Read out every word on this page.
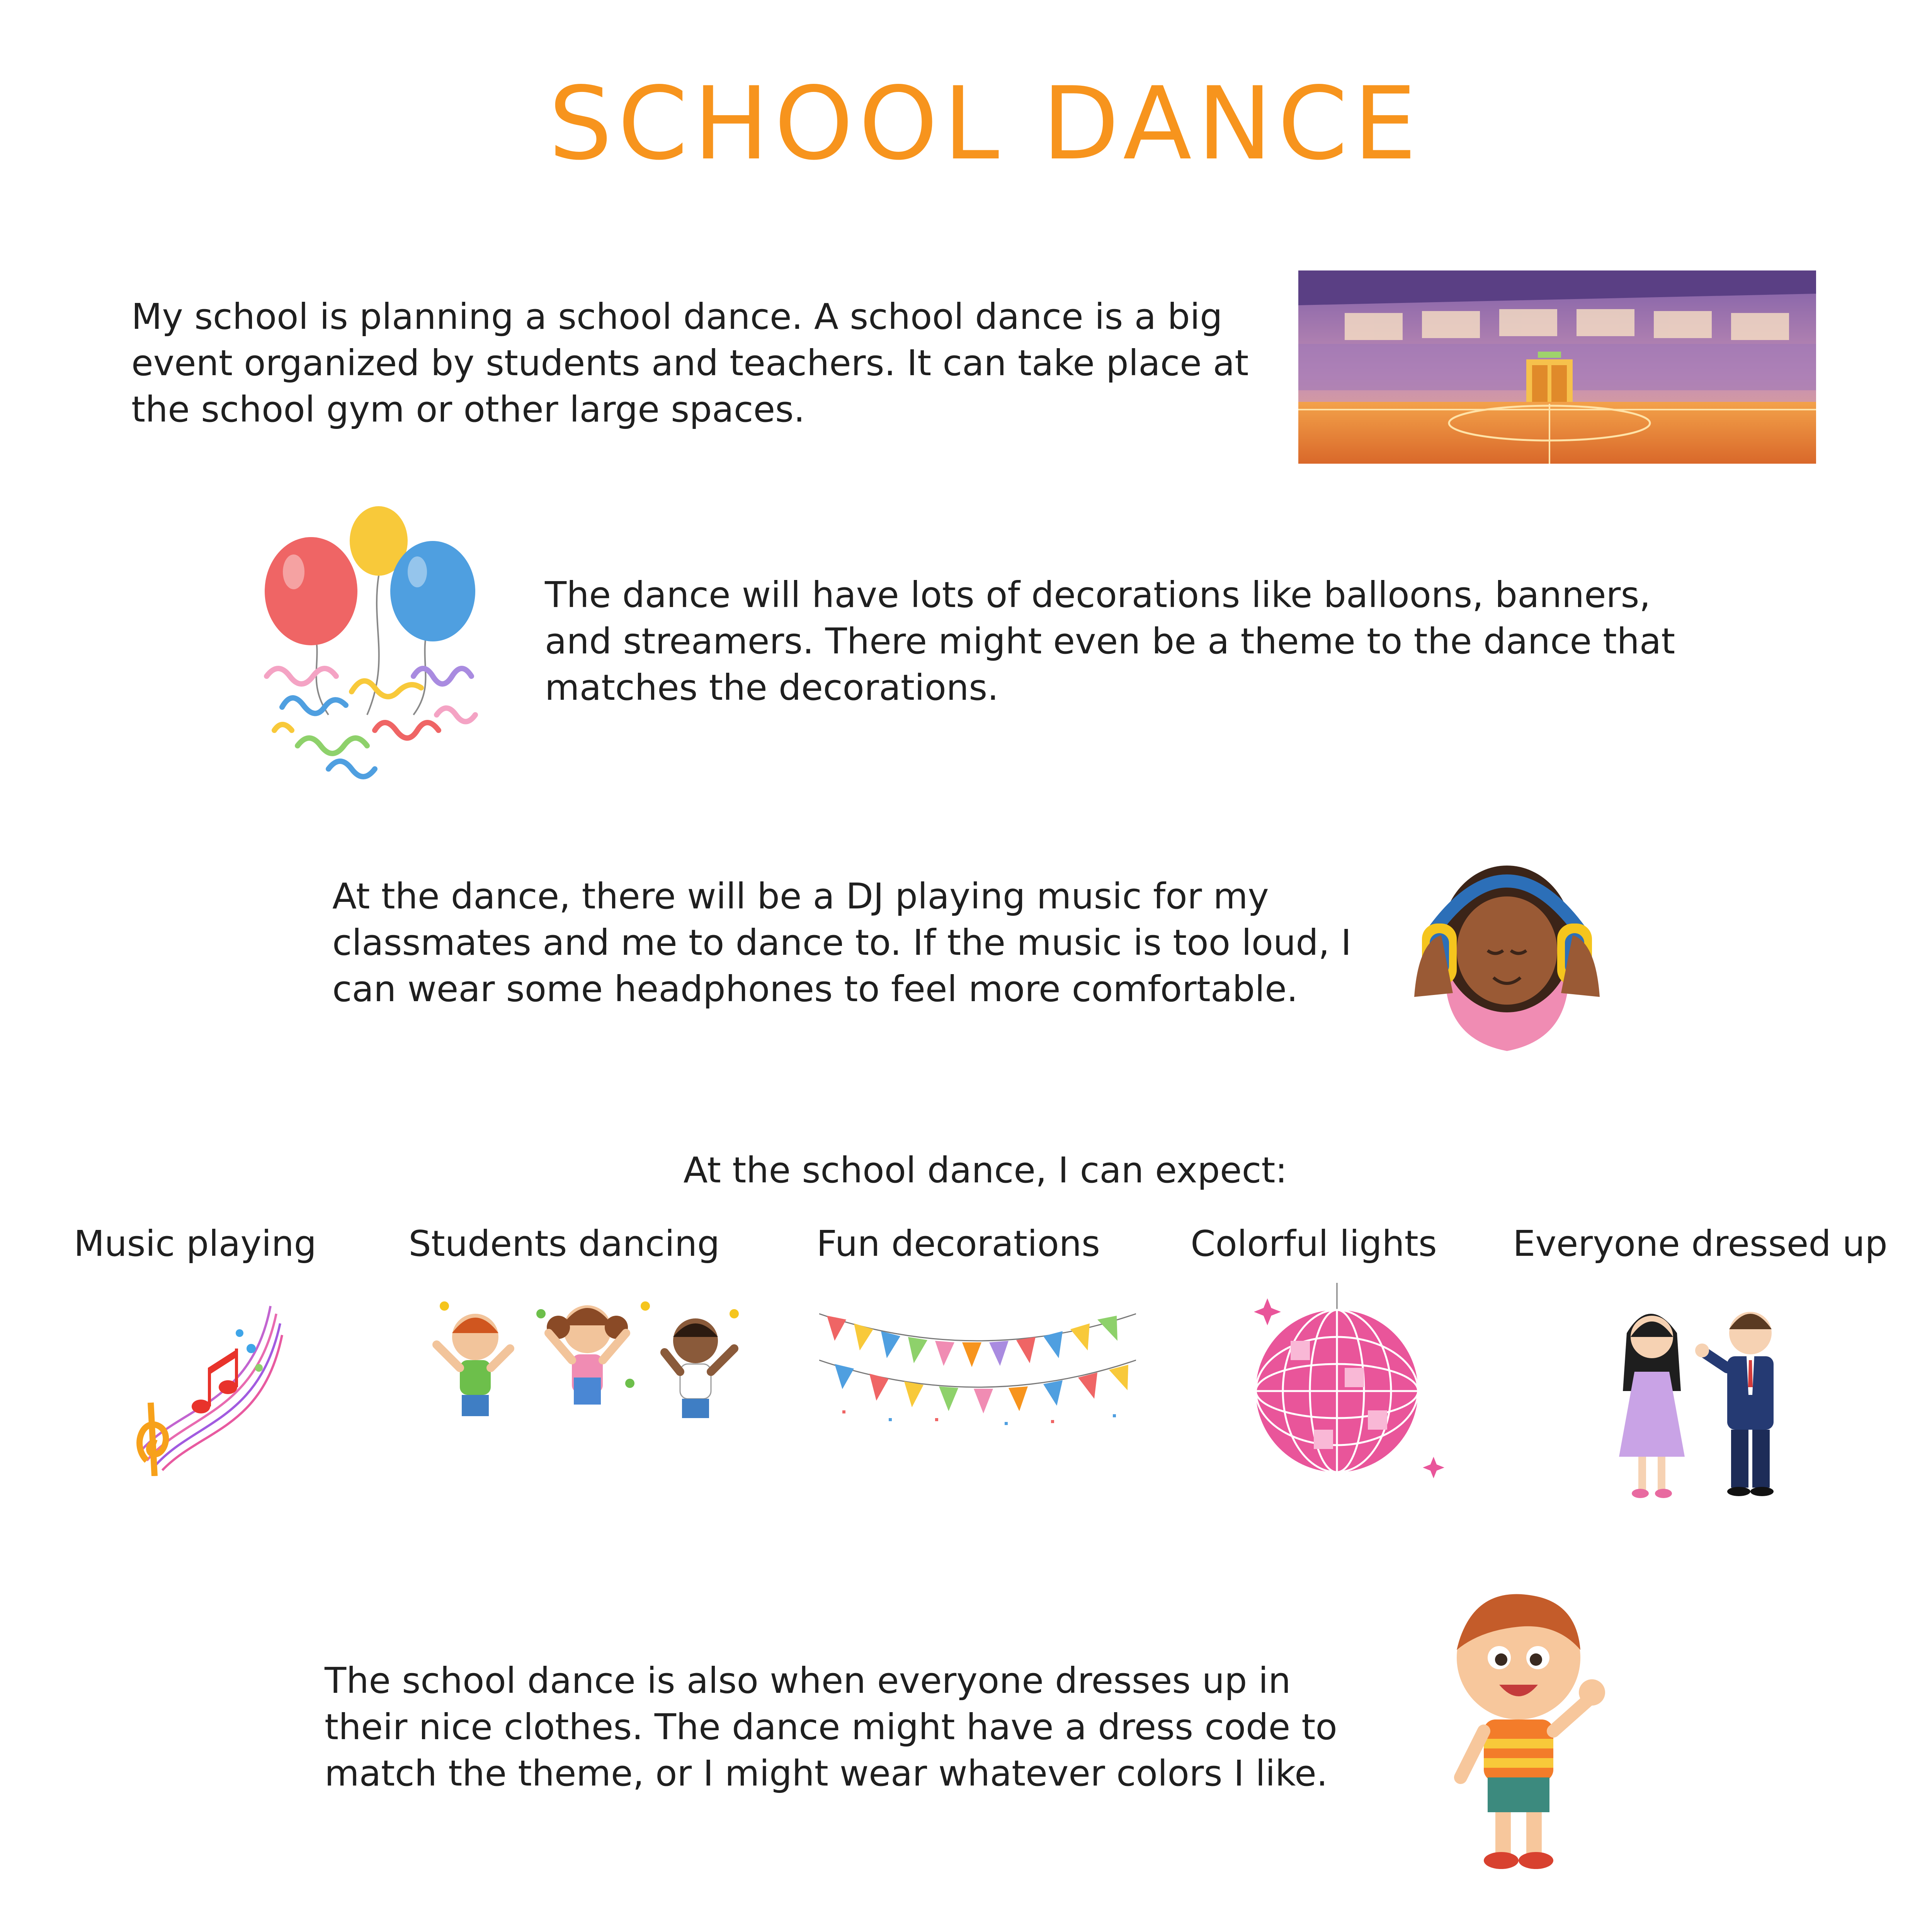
SCHOOL DANCE
My school is planning a school dance. A school dance is a big event organized by students and teachers. It can take place at the school gym or other large spaces.
The dance will have lots of decorations like balloons, banners, and streamers. There might even be a theme to the dance that matches the decorations.
At the dance, there will be a DJ playing music for my classmates and me to dance to. If the music is too loud, I can wear some headphones to feel more comfortable.
At the school dance, I can expect:
Music playing	Students dancing	Fun decorations	Colorful lights	Everyone dressed up
The school dance is also when everyone dresses up in their nice clothes. The dance might have a dress code to match the theme, or I might wear whatever colors I like.
